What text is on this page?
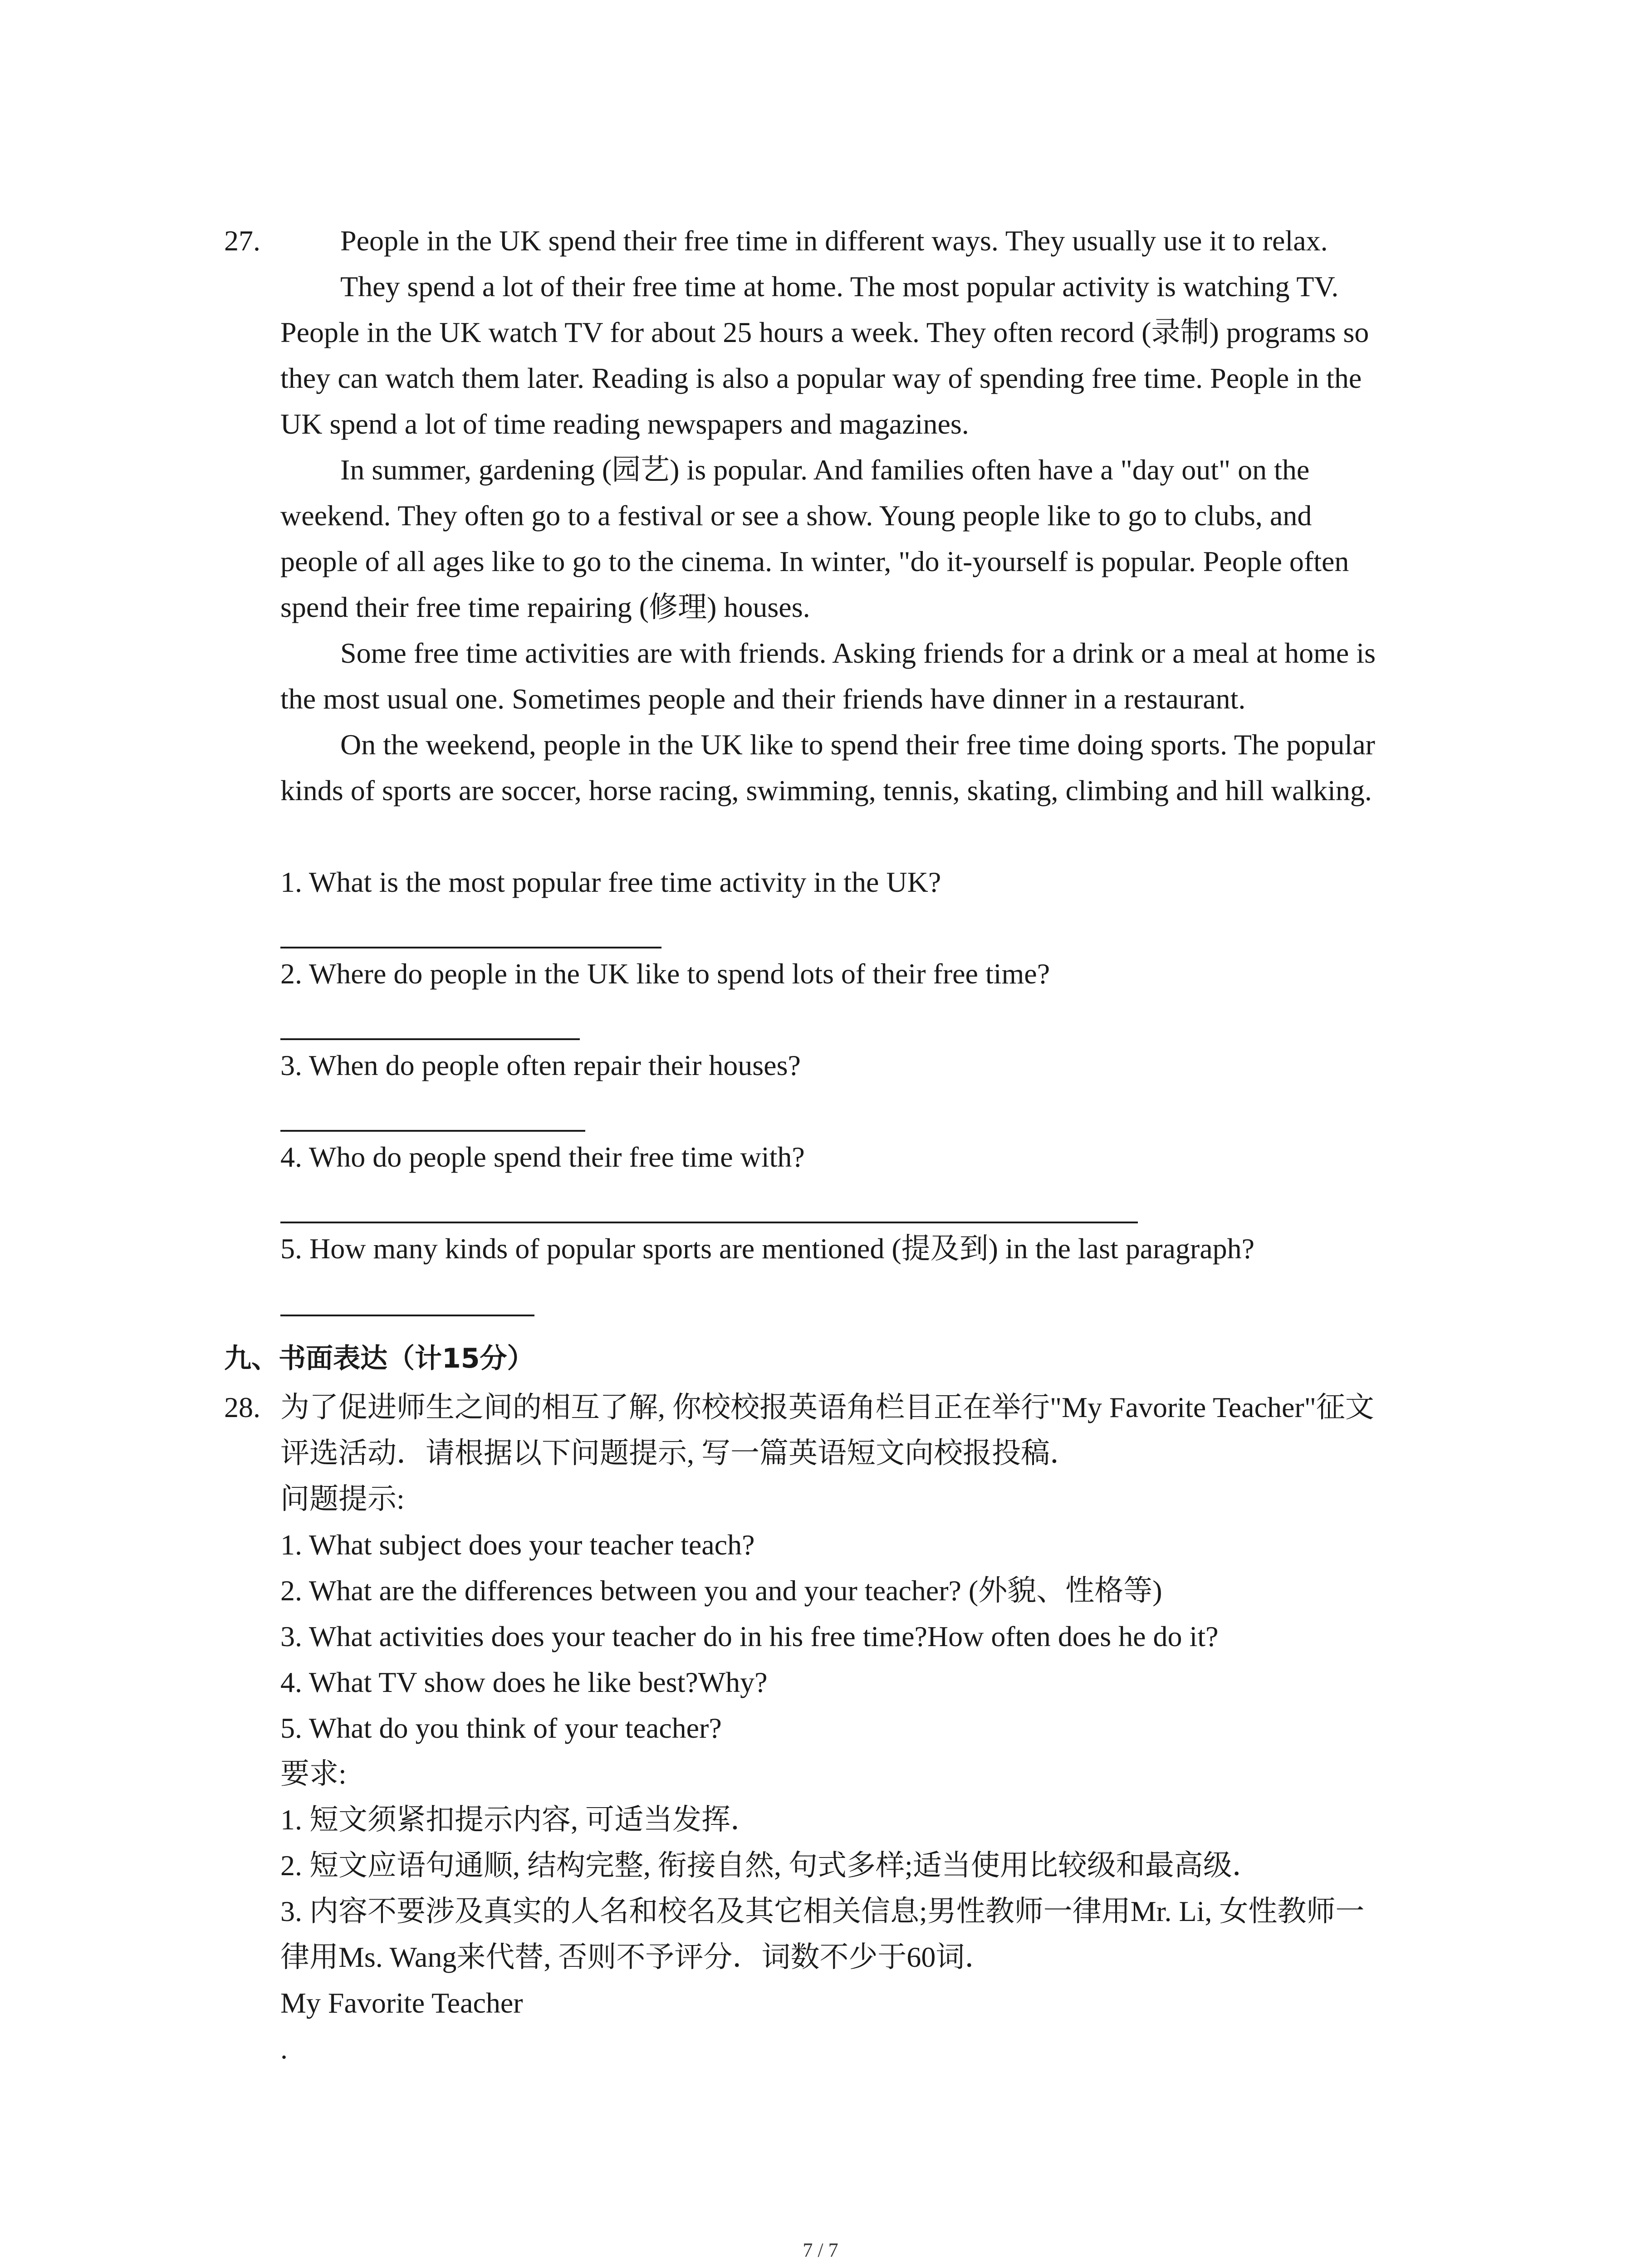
27.	People in the UK spend their free time in different ways. They usually use it to relax.
They spend a lot of their free time at home. The most popular activity is watching TV.
People in the UK watch TV for about 25 hours a week. They often record (录制) programs so
they can watch them later. Reading is also a popular way of spending free time. People in the
UK spend a lot of time reading newspapers and magazines.
In summer, gardening (园艺) is popular. And families often have a "day out" on the
weekend. They often go to a festival or see a show. Young people like to go to clubs, and
people of all ages like to go to the cinema. In winter, "do it-yourself is popular. People often
spend their free time repairing (修理) houses.
Some free time activities are with friends. Asking friends for a drink or a meal at home is
the most usual one. Sometimes people and their friends have dinner in a restaurant.
On the weekend, people in the UK like to spend their free time doing sports. The popular
kinds of sports are soccer, horse racing, swimming, tennis, skating, climbing and hill walking.
1. What is the most popular free time activity in the UK?
2. Where do people in the UK like to spend lots of their free time?
3. When do people often repair their houses?
4. Who do people spend their free time with?
5. How many kinds of popular sports are mentioned (提及到) in the last paragraph?
九、书面表达（计15分）
28. 为了促进师生之间的相互了解, 你校校报英语角栏目正在举行"My Favorite Teacher"征文
评选活动．请根据以下问题提示, 写一篇英语短文向校报投稿．
问题提示:
1. What subject does your teacher teach?
2. What are the differences between you and your teacher? (外貌、性格等)
3. What activities does your teacher do in his free time?How often does he do it?
4. What TV show does he like best?Why?
5. What do you think of your teacher?
要求:
1. 短文须紧扣提示内容, 可适当发挥．
2. 短文应语句通顺, 结构完整, 衔接自然, 句式多样;适当使用比较级和最高级．
3. 内容不要涉及真实的人名和校名及其它相关信息;男性教师一律用Mr. Li, 女性教师一
律用Ms. Wang来代替, 否则不予评分．词数不少于60词．
My Favorite Teacher
.
7 / 7
